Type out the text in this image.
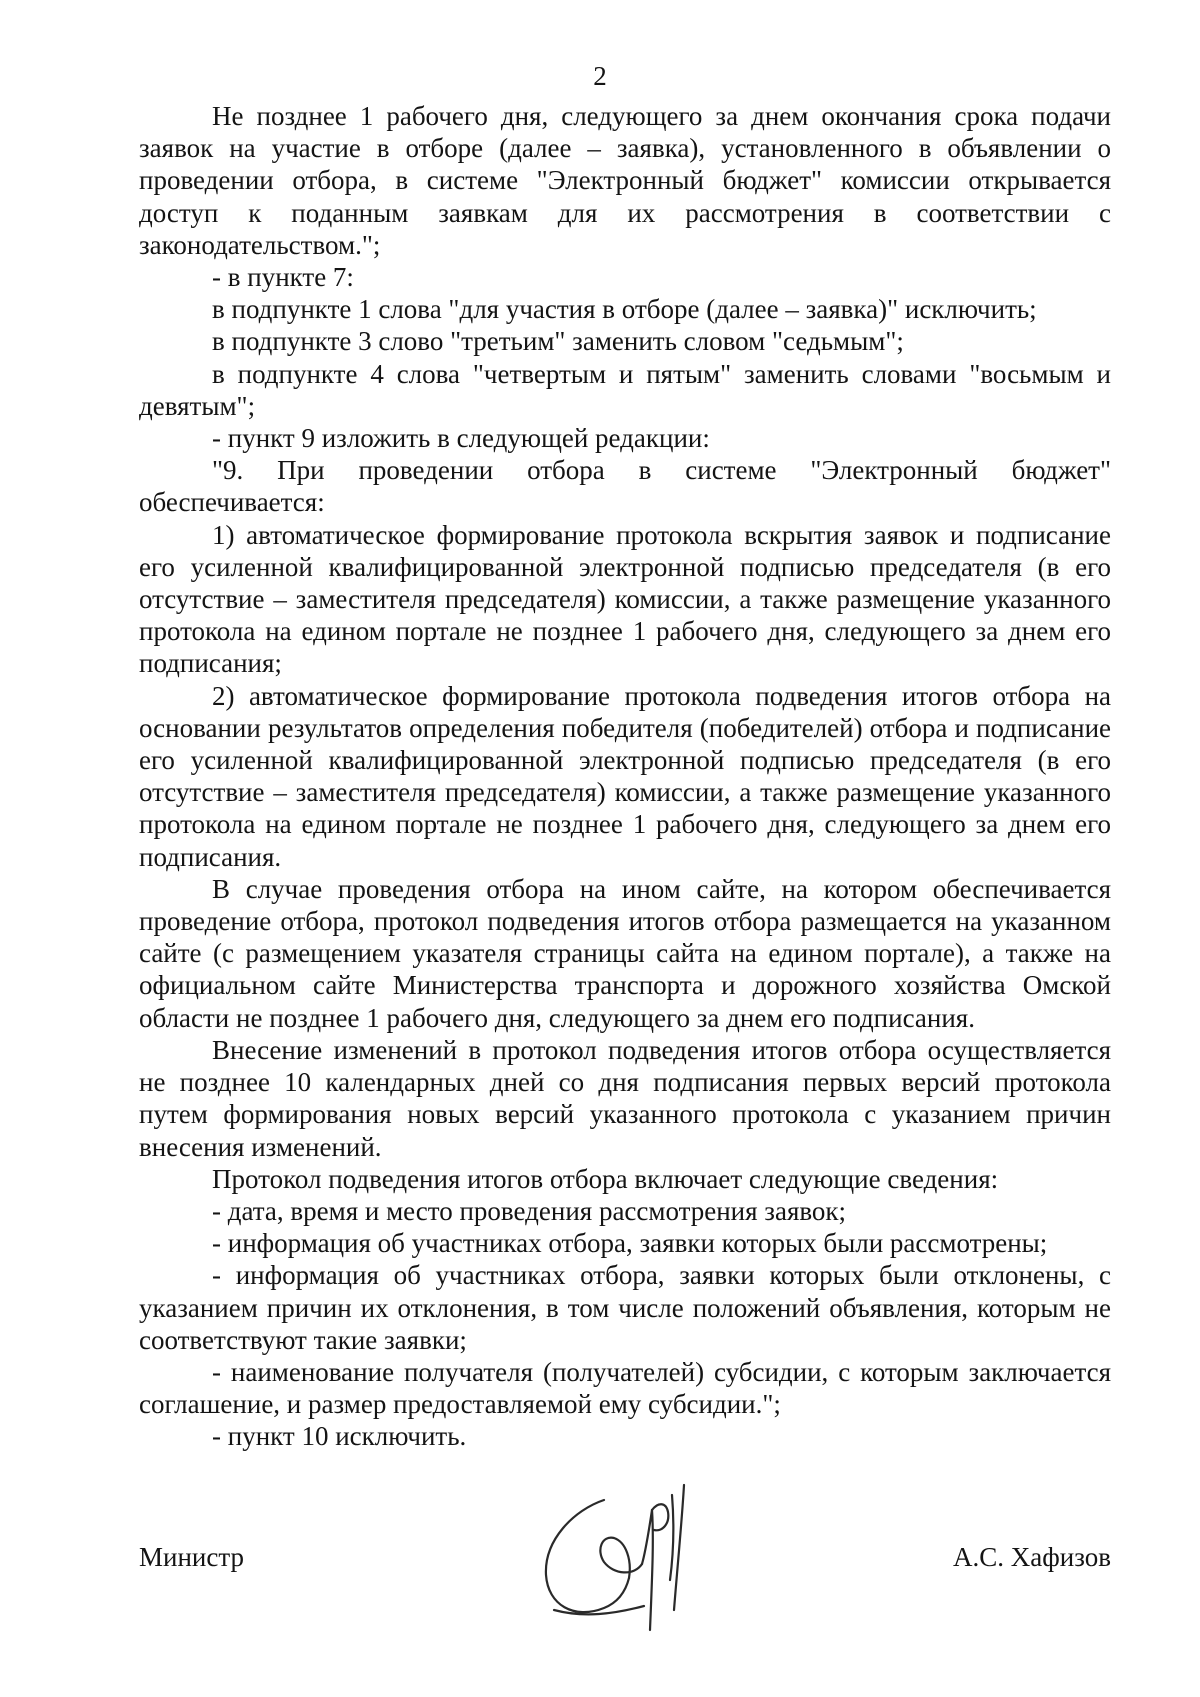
2

Не позднее 1 рабочего дня, следующего за днем окончания срока подачи заявок на участие в отборе (далее – заявка), установленного в объявлении о проведении отбора, в системе "Электронный бюджет" комиссии открывается доступ к поданным заявкам для их рассмотрения в соответствии с законодательством.";

- в пункте 7:

в подпункте 1 слова "для участия в отборе (далее – заявка)" исключить;

в подпункте 3 слово "третьим" заменить словом "седьмым";

в подпункте 4 слова "четвертым и пятым" заменить словами "восьмым и девятым";

- пункт 9 изложить в следующей редакции:

"9. При проведении отбора в системе "Электронный бюджет" обеспечивается:

1) автоматическое формирование протокола вскрытия заявок и подписание его усиленной квалифицированной электронной подписью председателя (в его отсутствие – заместителя председателя) комиссии, а также размещение указанного протокола на едином портале не позднее 1 рабочего дня, следующего за днем его подписания;

2) автоматическое формирование протокола подведения итогов отбора на основании результатов определения победителя (победителей) отбора и подписание его усиленной квалифицированной электронной подписью председателя (в его отсутствие – заместителя председателя) комиссии, а также размещение указанного протокола на едином портале не позднее 1 рабочего дня, следующего за днем его подписания.

В случае проведения отбора на ином сайте, на котором обеспечивается проведение отбора, протокол подведения итогов отбора размещается на указанном сайте (с размещением указателя страницы сайта на едином портале), а также на официальном сайте Министерства транспорта и дорожного хозяйства Омской области не позднее 1 рабочего дня, следующего за днем его подписания.

Внесение изменений в протокол подведения итогов отбора осуществляется не позднее 10 календарных дней со дня подписания первых версий протокола путем формирования новых версий указанного протокола с указанием причин внесения изменений.

Протокол подведения итогов отбора включает следующие сведения:

- дата, время и место проведения рассмотрения заявок;

- информация об участниках отбора, заявки которых были рассмотрены;

- информация об участниках отбора, заявки которых были отклонены, с указанием причин их отклонения, в том числе положений объявления, которым не соответствуют такие заявки;

- наименование получателя (получателей) субсидии, с которым заключается соглашение, и размер предоставляемой ему субсидии.";

- пункт 10 исключить.

Министр	А.С. Хафизов
